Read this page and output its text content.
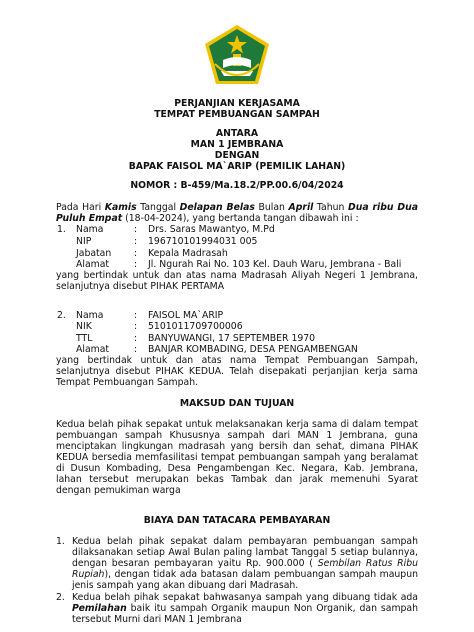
PERJANJIAN KERJASAMA
TEMPAT PEMBUANGAN SAMPAH
ANTARA
MAN 1 JEMBRANA
DENGAN
BAPAK FAISOL MA`ARIP (PEMILIK LAHAN)
NOMOR : B-459/Ma.18.2/PP.00.6/04/2024
Pada Hari Kamis Tanggal Delapan Belas Bulan April Tahun Dua ribu Dua
Puluh Empat (18-04-2024), yang bertanda tangan dibawah ini :
1. Nama	: Drs. Saras Mawantyo, M.Pd
NIP	: 196710101994031 005
Jabatan : Kepala Madrasah
Alamat	: Jl. Ngurah Rai No. 103 Kel. Dauh Waru, Jembrana - Bali
yang bertindak untuk dan atas nama Madrasah Aliyah Negeri 1 Jembrana,
selanjutnya disebut PIHAK PERTAMA
2. Nama	: FAISOL MA`ARIP
NIK	: 5101011709700006
TTL	: BANYUWANGI, 17 SEPTEMBER 1970
Alamat	: BANJAR KOMBADING, DESA PENGAMBENGAN
yang bertindak untuk dan atas nama Tempat Pembuangan Sampah,
selanjutnya disebut PIHAK KEDUA. Telah disepakati perjanjian kerja sama
Tempat Pembuangan Sampah.
MAKSUD DAN TUJUAN
Kedua belah pihak sepakat untuk melaksanakan kerja sama di dalam tempat
pembuangan sampah Khususnya sampah dari MAN 1 Jembrana, guna
menciptakan lingkungan madrasah yang bersih dan sehat, dimana PIHAK
KEDUA bersedia memfasilitasi tempat pembuangan sampah yang beralamat
di Dusun Kombading, Desa Pengambengan Kec. Negara, Kab. Jembrana,
lahan tersebut merupakan bekas Tambak dan jarak memenuhi Syarat
dengan pemukiman warga
BIAYA DAN TATACARA PEMBAYARAN
1. Kedua belah pihak sepakat dalam pembayaran pembuangan sampah
dilaksanakan setiap Awal Bulan paling lambat Tanggal 5 setiap bulannya,
dengan besaran pembayaran yaitu Rp. 900.000 ( Sembilan Ratus Ribu
Rupiah), dengan tidak ada batasan dalam pembuangan sampah maupun
jenis sampah yang akan dibuang dari Madrasah.
2. Kedua belah pihak sepakat bahwasanya sampah yang dibuang tidak ada
Pemilahan baik itu sampah Organik maupun Non Organik, dan sampah
tersebut Murni dari MAN 1 Jembrana
